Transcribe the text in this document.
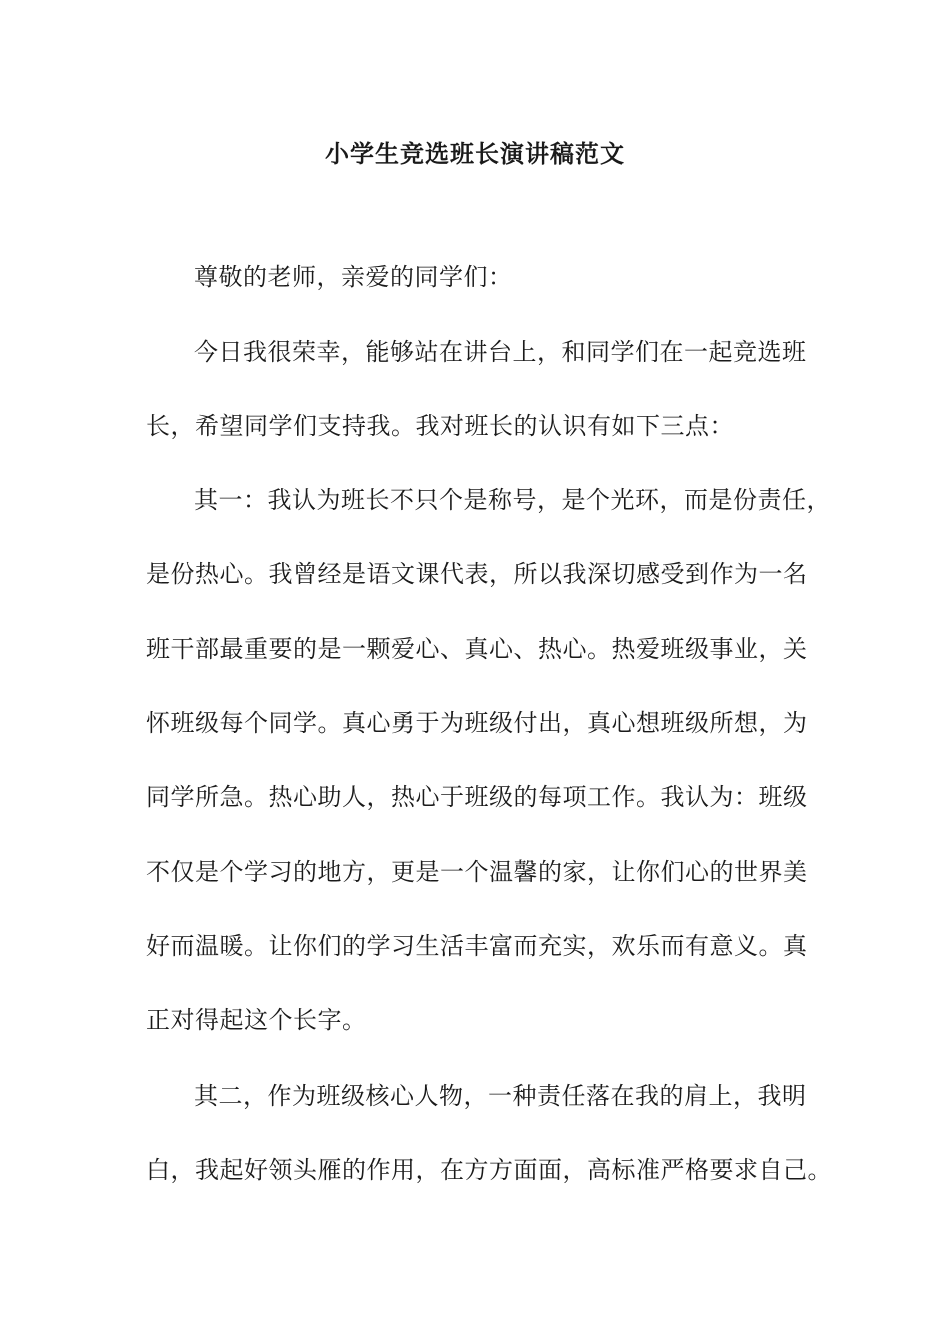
小学生竞选班长演讲稿范文
尊敬的老师，亲爱的同学们：
今日我很荣幸，能够站在讲台上，和同学们在一起竞选班
长，希望同学们支持我。我对班长的认识有如下三点：
其一：我认为班长不只个是称号，是个光环，而是份责任，
是份热心。我曾经是语文课代表，所以我深切感受到作为一名
班干部最重要的是一颗爱心、真心、热心。热爱班级事业，关
怀班级每个同学。真心勇于为班级付出，真心想班级所想，为
同学所急。热心助人，热心于班级的每项工作。我认为：班级
不仅是个学习的地方，更是一个温馨的家，让你们心的世界美
好而温暖。让你们的学习生活丰富而充实，欢乐而有意义。真
正对得起这个长字。
其二，作为班级核心人物，一种责任落在我的肩上，我明
白，我起好领头雁的作用，在方方面面，高标准严格要求自己。
